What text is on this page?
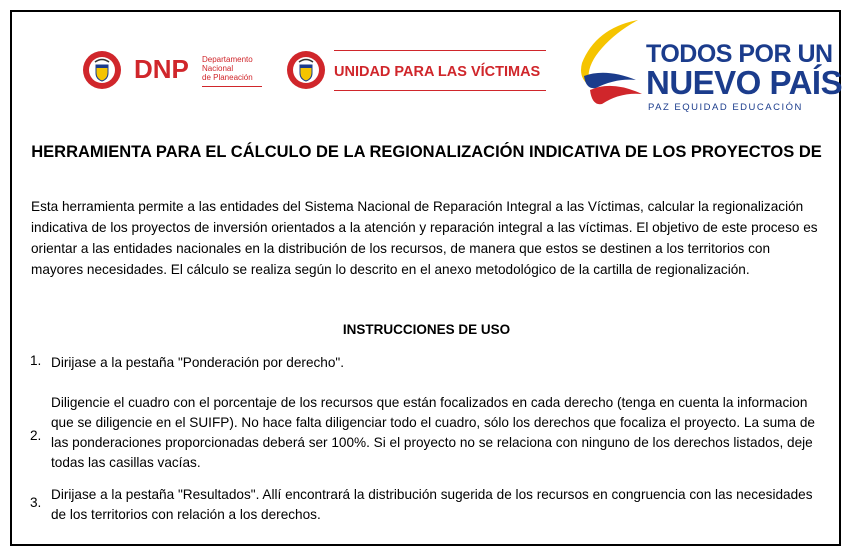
DNP Departamento
Nacional
de Planeación	UNIDAD PARA LAS VÍCTIMAS
TODOS POR UN
NUEVO PAÍS
PAZ EQUIDAD EDUCACIÓN
HERRAMIENTA PARA EL CÁLCULO DE LA REGIONALIZACIÓN INDICATIVA DE LOS PROYECTOS DE
Esta herramienta permite a las entidades del Sistema Nacional de Reparación Integral a las Víctimas, calcular la regionalización indicativa de los proyectos de inversión orientados a la atención y reparación integral a las víctimas. El objetivo de este proceso es orientar a las entidades nacionales en la distribución de los recursos, de manera que estos se destinen a los territorios con mayores necesidades. El cálculo se realiza según lo descrito en el anexo metodológico de la cartilla de regionalización.
INSTRUCCIONES DE USO
1. Dirijase a la pestaña "Ponderación por derecho".
2.
Diligencie el cuadro con el porcentaje de los recursos que están focalizados en cada derecho (tenga en cuenta la informacion que se diligencie en el SUIFP). No hace falta diligenciar todo el cuadro, sólo los derechos que focaliza el proyecto. La suma de las ponderaciones proporcionadas deberá ser 100%. Si el proyecto no se relaciona con ninguno de los derechos listados, deje todas las casillas vacías.
3.
Dirijase a la pestaña "Resultados". Allí encontrará la distribución sugerida de los recursos en congruencia con las necesidades de los territorios con relación a los derechos.
